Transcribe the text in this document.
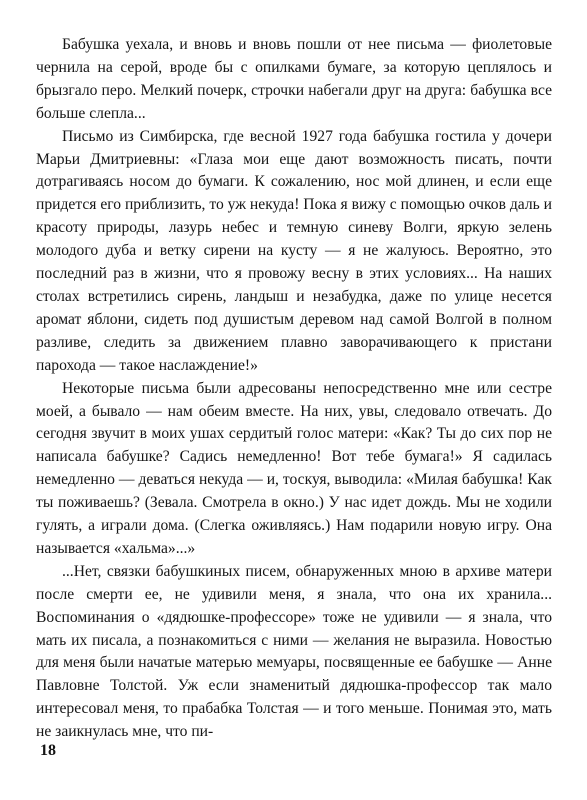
Бабушка уехала, и вновь и вновь пошли от нее письма — фиолетовые чернила на серой, вроде бы с опилками бумаге, за которую цеплялось и брызгало перо. Мелкий почерк, строчки набегали друг на друга: бабушка все больше слепла...

Письмо из Симбирска, где весной 1927 года бабушка гостила у дочери Марьи Дмитриевны: «Глаза мои еще дают возможность писать, почти дотрагиваясь носом до бумаги. К сожалению, нос мой длинен, и если еще придется его приблизить, то уж некуда! Пока я вижу с помощью очков даль и красоту природы, лазурь небес и темную синеву Волги, яркую зелень молодого дуба и ветку сирени на кусту — я не жалуюсь. Вероятно, это последний раз в жизни, что я провожу весну в этих условиях... На наших столах встретились сирень, ландыш и незабудка, даже по улице несется аромат яблони, сидеть под душистым деревом над самой Волгой в полном разливе, следить за движением плавно заворачивающего к пристани парохода — такое наслаждение!»

Некоторые письма были адресованы непосредственно мне или сестре моей, а бывало — нам обеим вместе. На них, увы, следовало отвечать. До сегодня звучит в моих ушах сердитый голос матери: «Как? Ты до сих пор не написала бабушке? Садись немедленно! Вот тебе бумага!» Я садилась немедленно — деваться некуда — и, тоскуя, выводила: «Милая бабушка! Как ты поживаешь? (Зевала. Смотрела в окно.) У нас идет дождь. Мы не ходили гулять, а играли дома. (Слегка оживляясь.) Нам подарили новую игру. Она называется «хальма»...»

...Нет, связки бабушкиных писем, обнаруженных мною в архиве матери после смерти ее, не удивили меня, я знала, что она их хранила... Воспоминания о «дядюшке-профессоре» тоже не удивили — я знала, что мать их писала, а познакомиться с ними — желания не выразила. Новостью для меня были начатые матерью мемуары, посвященные ее бабушке — Анне Павловне Толстой. Уж если знаменитый дядюшка-профессор так мало интересовал меня, то прабабка Толстая — и того меньше. Понимая это, мать не заикнулась мне, что пи-

18
